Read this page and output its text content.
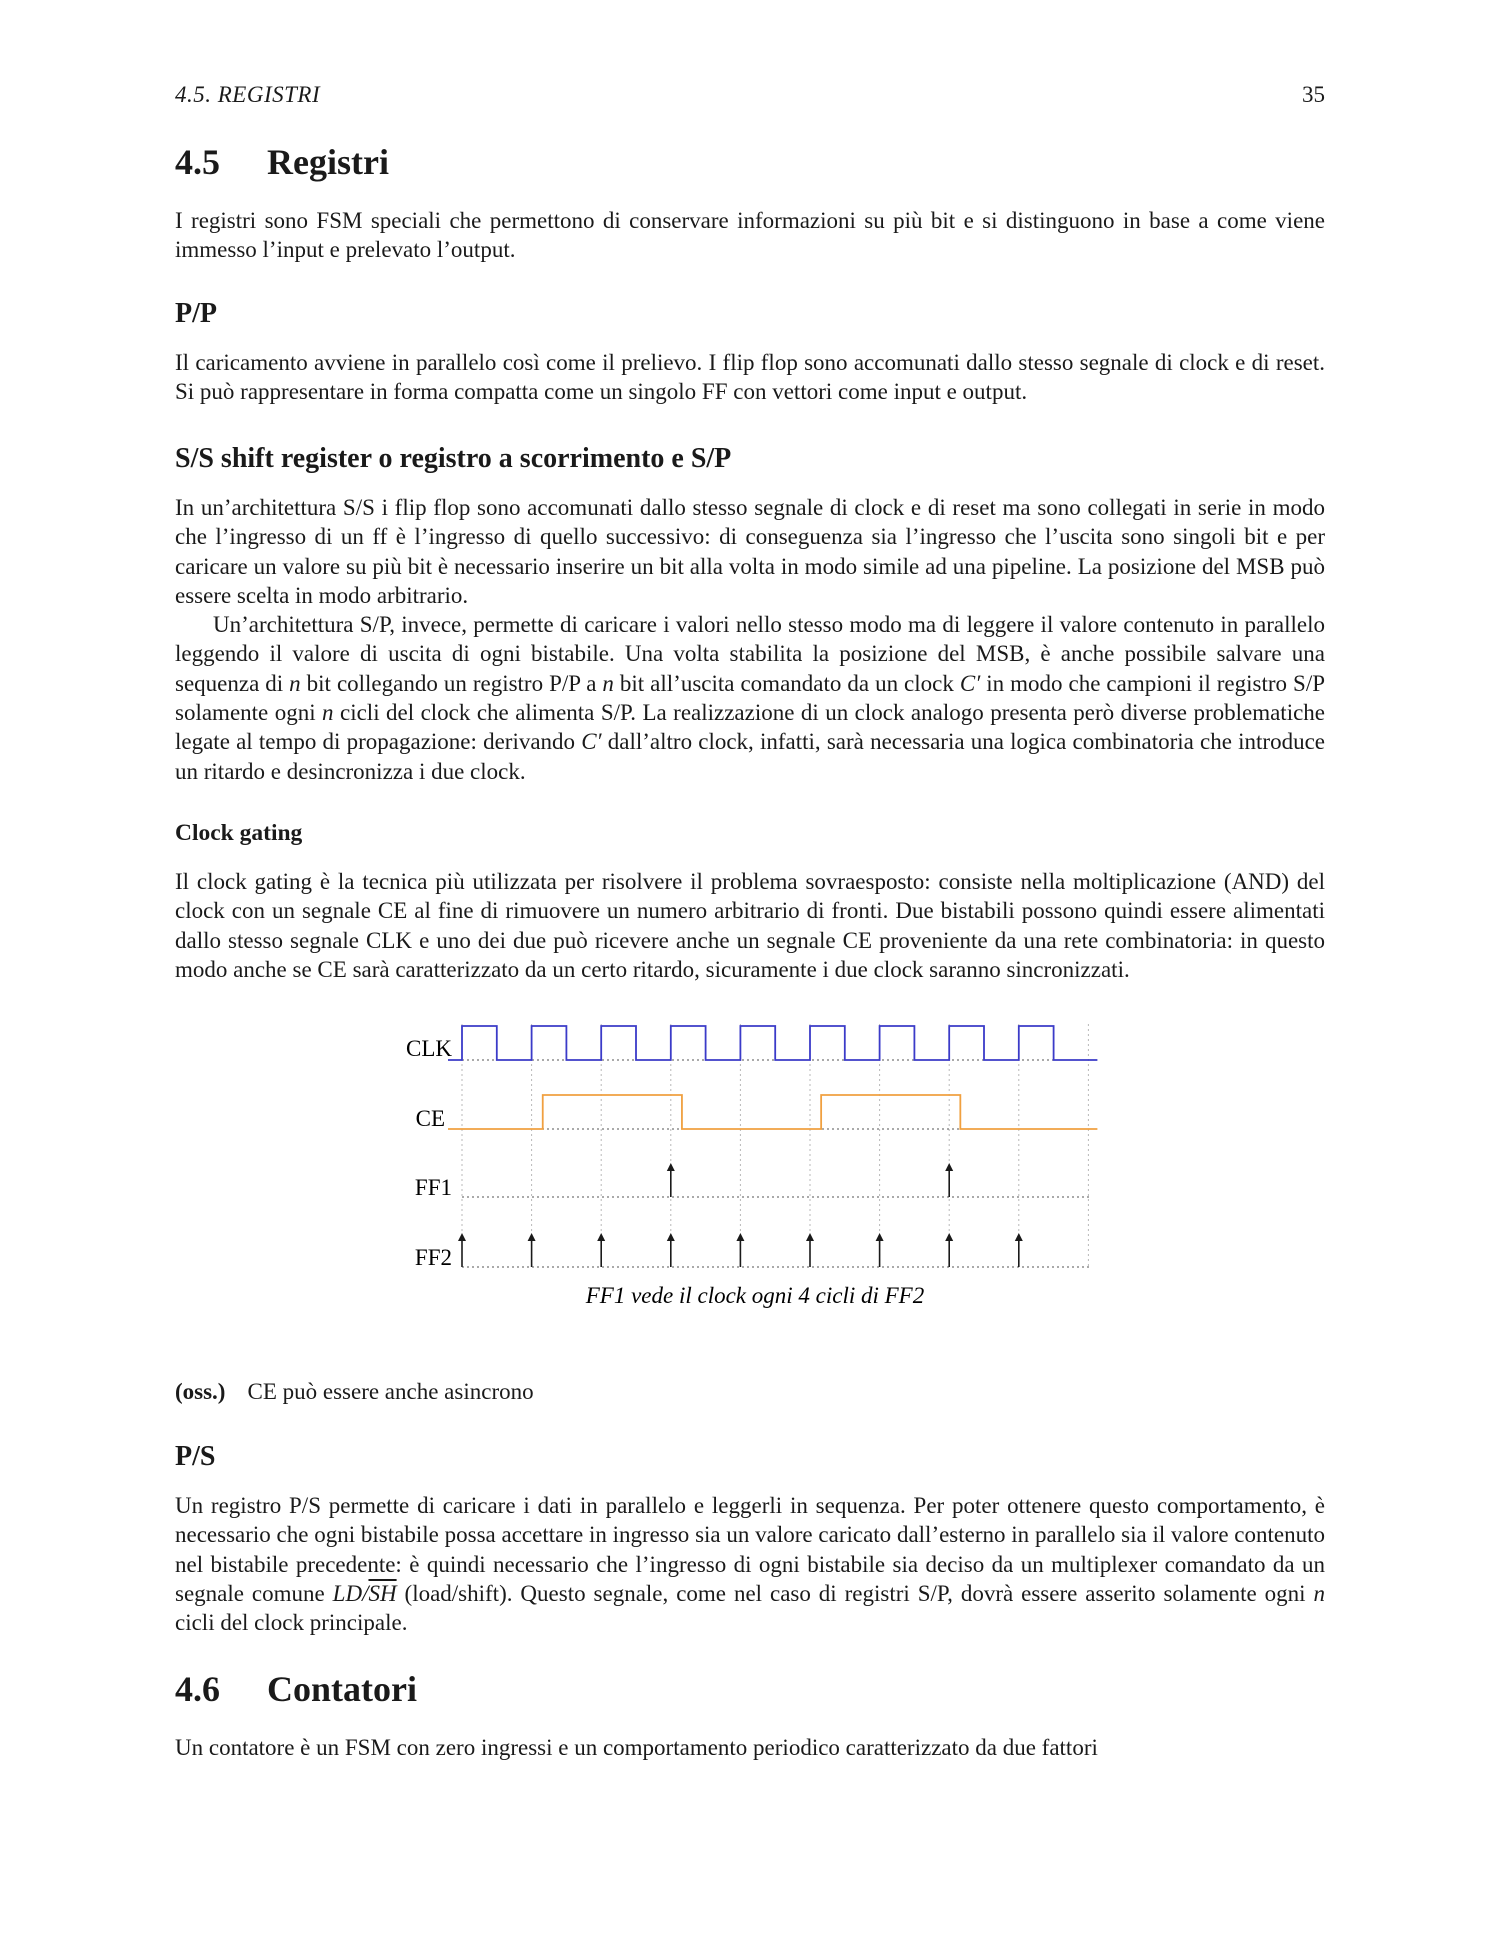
4.5. REGISTRI	35
4.5 Registri

I registri sono FSM speciali che permettono di conservare informazioni su più bit e si distinguono in base a come viene immesso l’input e prelevato l’output.

P/P

Il caricamento avviene in parallelo così come il prelievo. I flip flop sono accomunati dallo stesso segnale di clock e di reset. Si può rappresentare in forma compatta come un singolo FF con vettori come input e output.

S/S shift register o registro a scorrimento e S/P

In un’architettura S/S i flip flop sono accomunati dallo stesso segnale di clock e di reset ma sono collegati in serie in modo che l’ingresso di un ff è l’ingresso di quello successivo: di conseguenza sia l’ingresso che l’uscita sono singoli bit e per caricare un valore su più bit è necessario inserire un bit alla volta in modo simile ad una pipeline. La posizione del MSB può essere scelta in modo arbitrario.

Un’architettura S/P, invece, permette di caricare i valori nello stesso modo ma di leggere il valore contenuto in parallelo leggendo il valore di uscita di ogni bistabile. Una volta stabilita la posizione del MSB, è anche possibile salvare una sequenza di n bit collegando un registro P/P a n bit all’uscita comandato da un clock C′ in modo che campioni il registro S/P solamente ogni n cicli del clock che alimenta S/P. La realizzazione di un clock analogo presenta però diverse problematiche legate al tempo di propagazione: derivando C′ dall’altro clock, infatti, sarà necessaria una logica combinatoria che introduce un ritardo e desincronizza i due clock.

Clock gating

Il clock gating è la tecnica più utilizzata per risolvere il problema sovraesposto: consiste nella moltiplicazione (AND) del clock con un segnale CE al fine di rimuovere un numero arbitrario di fronti. Due bistabili possono quindi essere alimentati dallo stesso segnale CLK e uno dei due può ricevere anche un segnale CE proveniente da una rete combinatoria: in questo modo anche se CE sarà caratterizzato da un certo ritardo, sicuramente i due clock saranno sincronizzati.

CLK
CE
FF1
FF2
FF1 vede il clock ogni 4 cicli di FF2

(oss.) CE può essere anche asincrono

P/S

Un registro P/S permette di caricare i dati in parallelo e leggerli in sequenza. Per poter ottenere questo comportamento, è necessario che ogni bistabile possa accettare in ingresso sia un valore caricato dall’esterno in parallelo sia il valore contenuto nel bistabile precedente: è quindi necessario che l’ingresso di ogni bistabile sia deciso da un multiplexer comandato da un segnale comune $LD/\overline{SH}$ (load/shift). Questo segnale, come nel caso di registri S/P, dovrà essere asserito solamente ogni n cicli del clock principale.

4.6 Contatori

Un contatore è un FSM con zero ingressi e un comportamento periodico caratterizzato da due fattori
